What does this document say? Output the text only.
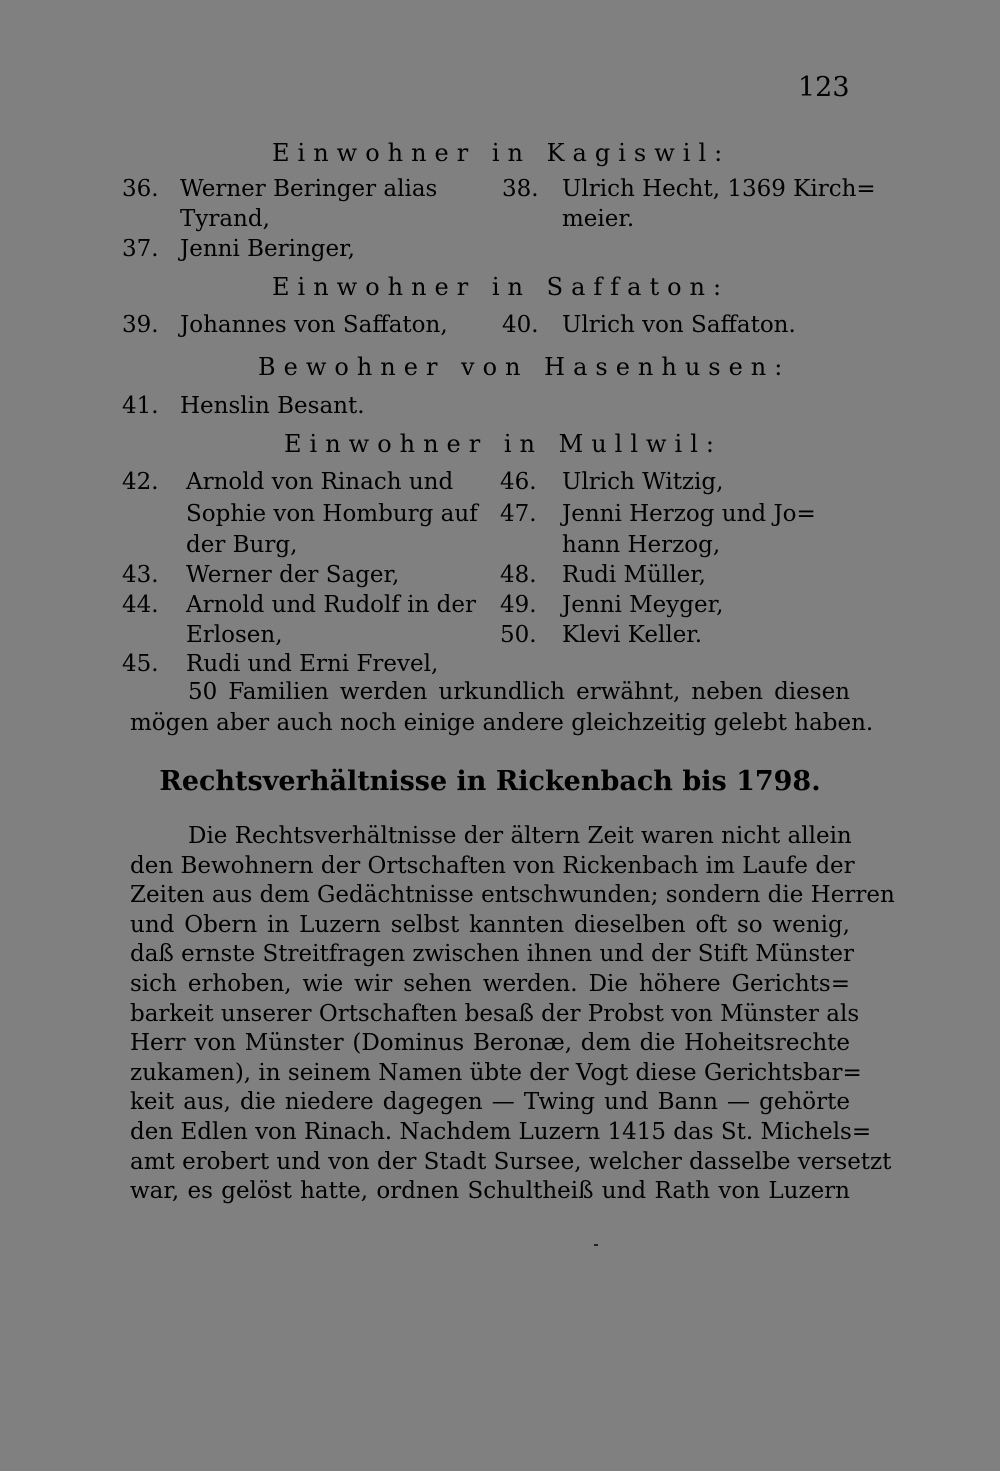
123
Einwohner in Kagiswil:
36. Werner Beringer alias
Tyrand,
37. Jenni Beringer,
38. Ulrich Hecht, 1369 Kirch=
meier.
Einwohner in Saffaton:
39. Johannes von Saffaton, 40. Ulrich von Saffaton.
Bewohner von Hasenhusen:
41. Henslin Besant.
Einwohner in Mullwil:
42. Arnold von Rinach und
Sophie von Homburg auf
der Burg,
43. Werner der Sager,
44. Arnold und Rudolf in der
Erlosen,
45. Rudi und Erni Frevel,
46. Ulrich Witzig,
47. Jenni Herzog und Jo=
hann Herzog,
48. Rudi Müller,
49. Jenni Meyger,
50. Klevi Keller.
50 Familien werden urkundlich erwähnt, neben diesen
mögen aber auch noch einige andere gleichzeitig gelebt haben.
Rechtsverhältnisse in Rickenbach bis 1798.
Die Rechtsverhältnisse der ältern Zeit waren nicht allein
den Bewohnern der Ortschaften von Rickenbach im Laufe der
Zeiten aus dem Gedächtnisse entschwunden; sondern die Herren
und Obern in Luzern selbst kannten dieselben oft so wenig,
daß ernste Streitfragen zwischen ihnen und der Stift Münster
sich erhoben, wie wir sehen werden. Die höhere Gerichts=
barkeit unserer Ortschaften besaß der Probst von Münster als
Herr von Münster (Dominus Beronæ, dem die Hoheitsrechte
zukamen), in seinem Namen übte der Vogt diese Gerichtsbar=
keit aus, die niedere dagegen — Twing und Bann — gehörte
den Edlen von Rinach. Nachdem Luzern 1415 das St. Michels=
amt erobert und von der Stadt Sursee, welcher dasselbe versetzt
war, es gelöst hatte, ordnen Schultheiß und Rath von Luzern
